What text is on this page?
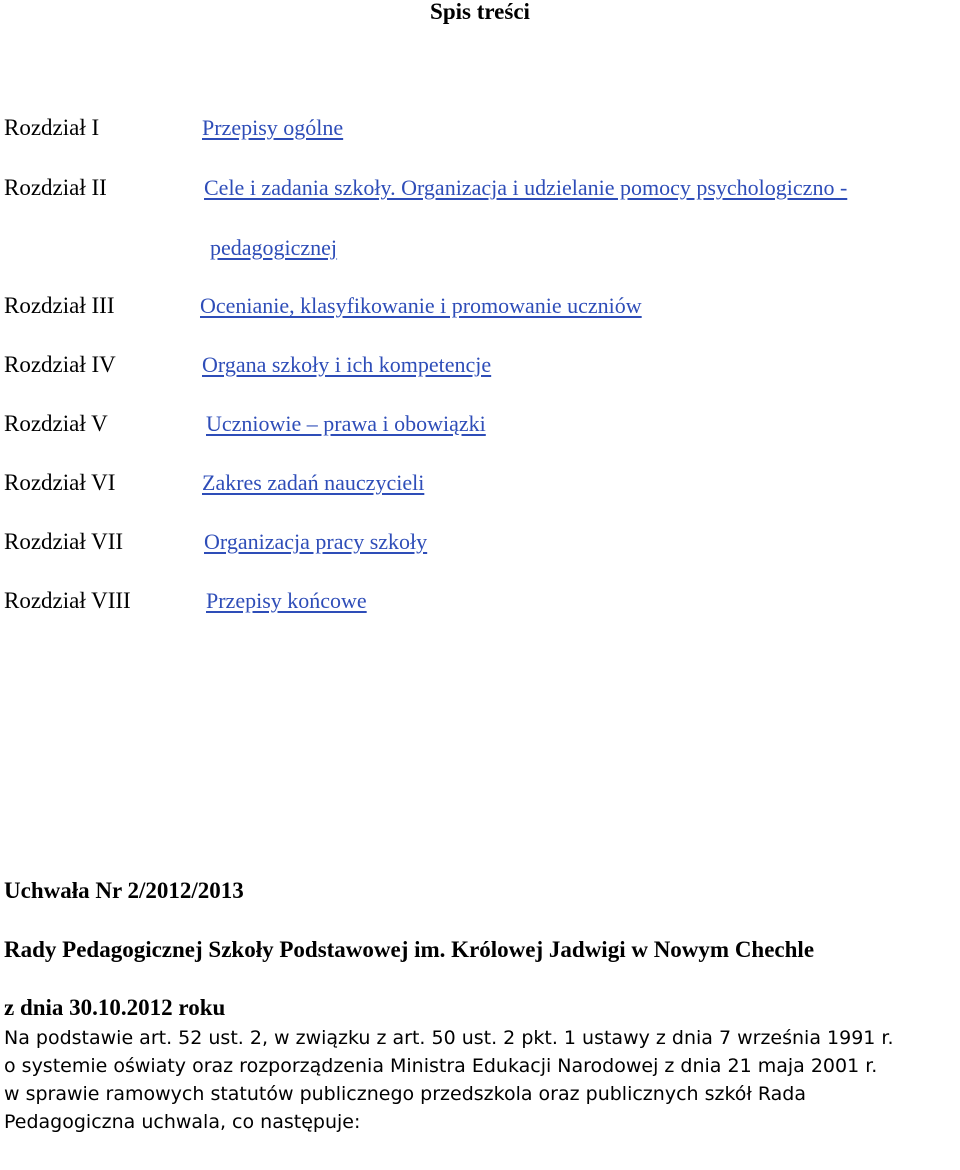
Spis treści
Rozdział I	Przepisy ogólne
Rozdział II	Cele i zadania szkoły. Organizacja i udzielanie pomocy psychologiczno -
pedagogicznej
Rozdział III	Ocenianie, klasyfikowanie i promowanie uczniów
Rozdział IV	Organa szkoły i ich kompetencje
Rozdział V	Uczniowie – prawa i obowiązki
Rozdział VI	Zakres zadań nauczycieli
Rozdział VII	Organizacja pracy szkoły
Rozdział VIII	Przepisy końcowe
Uchwała Nr 2/2012/2013
Rady Pedagogicznej Szkoły Podstawowej im. Królowej Jadwigi w Nowym Chechle
z dnia 30.10.2012 roku
Na podstawie art. 52 ust. 2, w związku z art. 50 ust. 2 pkt. 1 ustawy z dnia 7 września 1991 r.
o systemie oświaty oraz rozporządzenia Ministra Edukacji Narodowej z dnia 21 maja 2001 r.
w sprawie ramowych statutów publicznego przedszkola oraz publicznych szkół Rada
Pedagogiczna uchwala, co następuje:
